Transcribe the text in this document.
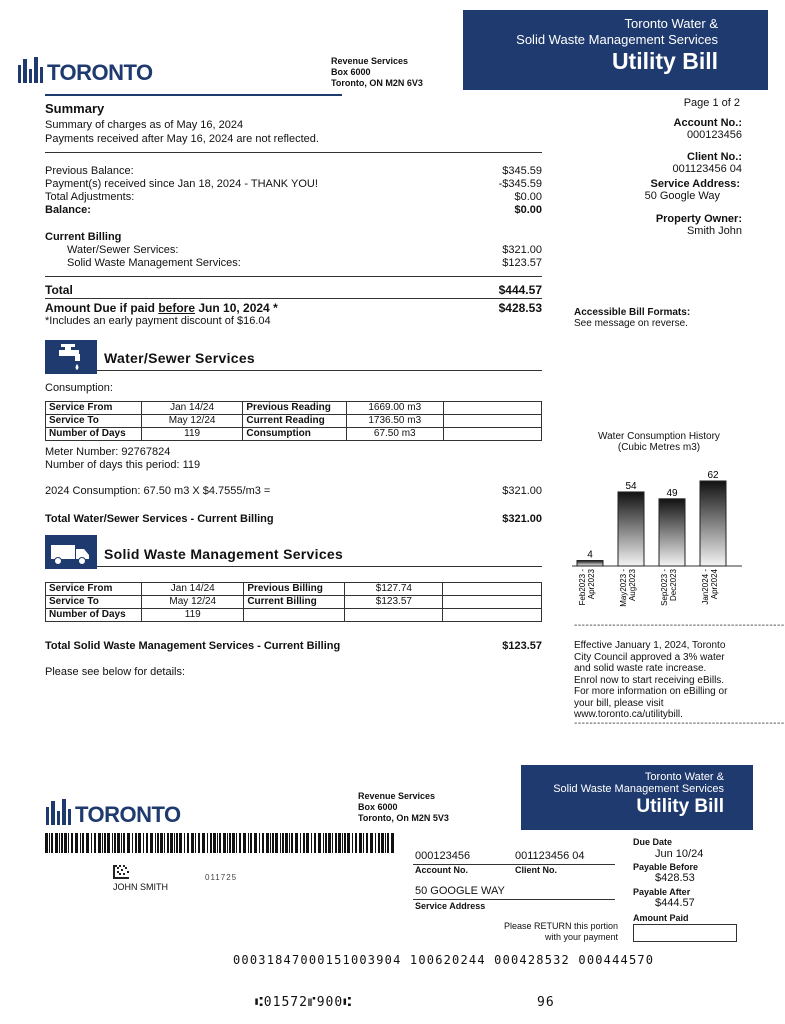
TORONTO	Revenue Services
Box 6000
Toronto, ON M2N 6V3
Toronto Water &
Solid Waste Management Services
Utility Bill
Summary
Summary of charges as of May 16, 2024
Payments received after May 16, 2024 are not reflected.
Previous Balance:	$345.59
Payment(s) received since Jan 18, 2024 - THANK YOU!	-$345.59
Total Adjustments:	$0.00
Balance:	$0.00
Current Billing
Water/Sewer Services:	$321.00
Solid Waste Management Services:	$123.57
Total	$444.57
Amount Due if paid before Jun 10, 2024 *	$428.53
*Includes an early payment discount of $16.04
Page 1 of 2
Account No.:
000123456
Client No.:
001123456 04
Service Address:
50 Google Way
Property Owner:
Smith John
Accessible Bill Formats:
See message on reverse.
Water/Sewer Services
Consumption:
Service From	Jan 14/24	Previous Reading	1669.00 m3	
Service To	May 12/24	Current Reading	1736.50 m3	
Number of Days	119	Consumption	67.50 m3	
Meter Number: 92767824
Number of days this period: 119
2024 Consumption: 67.50 m3 X $4.7555/m3 =	$321.00
Total Water/Sewer Services - Current Billing	$321.00
Solid Waste Management Services
Service From	Jan 14/24	Previous Billing	$127.74	
Service To	May 12/24	Current Billing	$123.57	
Number of Days	119			
Total Solid Waste Management Services - Current Billing	$123.57
Please see below for details:
Water Consumption History
(Cubic Metres m3)
4
Feb2023 - Apr2023
54
May2023 - Aug2023
49
Sep2023 - Dec2023
62
Jan2024 - Apr2024
-------------------------------------------------------
Effective January 1, 2024, Toronto
City Council approved a 3% water
and solid waste rate increase.
Enrol now to start receiving eBills.
For more information on eBilling or
your bill, please visit
www.toronto.ca/utilitybill.
-------------------------------------------------------
TORONTO
Revenue Services
Box 6000
Toronto, On M2N 5V3
Toronto Water &
Solid Waste Management Services
Utility Bill
JOHN SMITH
011725
000123456	001123456 04
Account No.	Client No.
50 GOOGLE WAY
Service Address
Please RETURN this portion
with your payment
Due Date
Jun 10/24
Payable Before
$428.53
Payable After
$444.57
Amount Paid
00031847000151003904 100620244 000428532 000444570
⑆01572⑈900⑆	96
